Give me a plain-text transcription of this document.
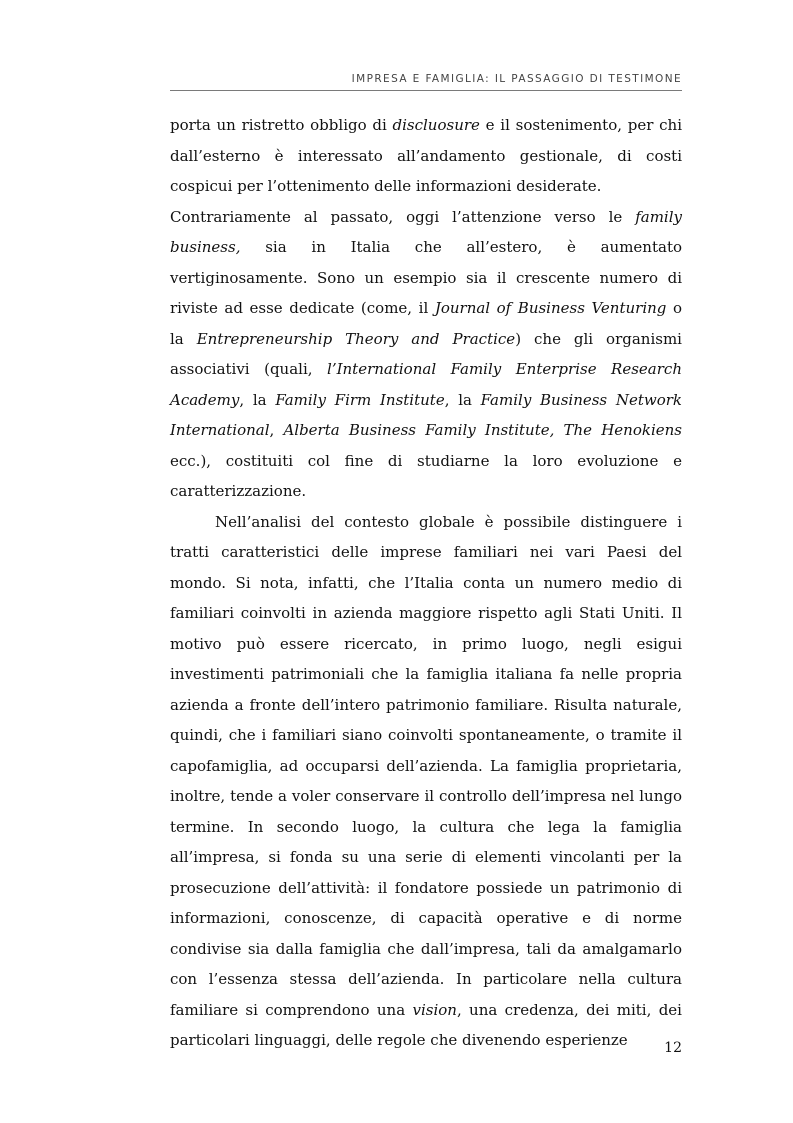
IMPRESA E FAMIGLIA: IL PASSAGGIO DI TESTIMONE

porta un ristretto obbligo di discluosure e il sostenimento, per chi dall’esterno è interessato all’andamento gestionale, di costi cospicui per l’ottenimento delle informazioni desiderate.

Contrariamente al passato, oggi l’attenzione verso le family business, sia in Italia che all’estero, è aumentato vertiginosamente. Sono un esempio sia il crescente numero di riviste ad esse dedicate (come, il Journal of Business Venturing o la Entrepreneurship Theory and Practice) che gli organismi associativi (quali, l’International Family Enterprise Research Academy, la Family Firm Institute, la Family Business Network International, Alberta Business Family Institute, The Henokiens ecc.), costituiti col fine di studiarne la loro evoluzione e caratterizzazione.

Nell’analisi del contesto globale è possibile distinguere i tratti caratteristici delle imprese familiari nei vari Paesi del mondo. Si nota, infatti, che l’Italia conta un numero medio di familiari coinvolti in azienda maggiore rispetto agli Stati Uniti. Il motivo può essere ricercato, in primo luogo, negli esigui investimenti patrimoniali che la famiglia italiana fa nelle propria azienda a fronte dell’intero patrimonio familiare. Risulta naturale, quindi, che i familiari siano coinvolti spontaneamente, o tramite il capofamiglia, ad occuparsi dell’azienda. La famiglia proprietaria, inoltre, tende a voler conservare il controllo dell’impresa nel lungo termine. In secondo luogo, la cultura che lega la famiglia all’impresa, si fonda su una serie di elementi vincolanti per la prosecuzione dell’attività: il fondatore possiede un patrimonio di informazioni, conoscenze, di capacità operative e di norme condivise sia dalla famiglia che dall’impresa, tali da amalgamarlo con l’essenza stessa dell’azienda. In particolare nella cultura familiare si comprendono una vision, una credenza, dei miti, dei particolari linguaggi, delle regole che divenendo esperienze	12
